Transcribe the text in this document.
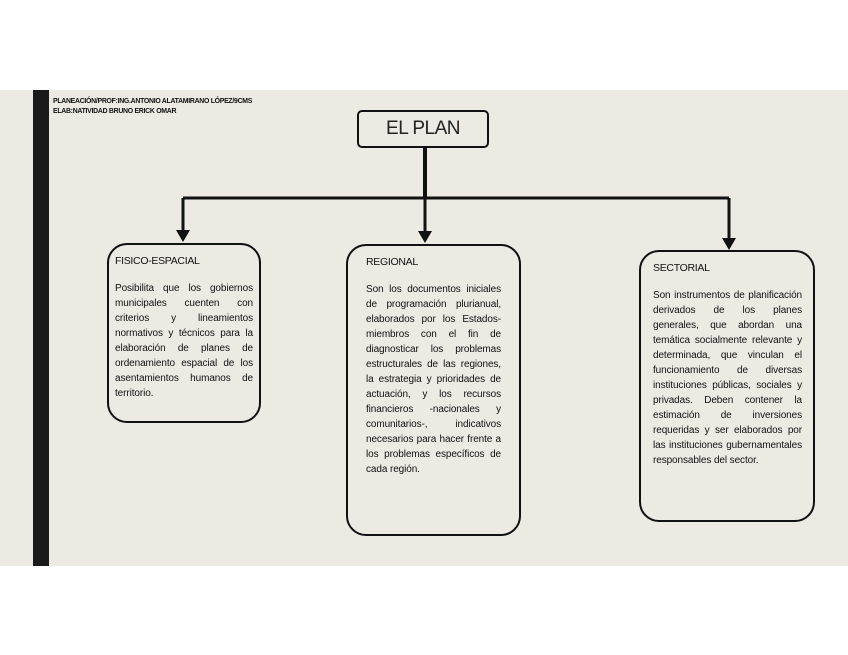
PLANEACIÓN/PROF:ING.ANTONIO ALATAMIRANO LÓPEZ/9CMS
ELAB:NATIVIDAD BRUNO ERICK OMAR
EL PLAN
FISICO-ESPACIAL
Posibilita que los gobiernos municipales cuenten con criterios y lineamientos normativos y técnicos para la elaboración de planes de ordenamiento espacial de los asentamientos humanos de territorio.
REGIONAL
Son los documentos iniciales de programación plurianual, elaborados por los Estados-miembros con el fin de diagnosticar los problemas estructurales de las regiones, la estrategia y prioridades de actuación, y los recursos financieros -nacionales y comunitarios-, indicativos necesarios para hacer frente a los problemas específicos de cada región.
SECTORIAL
Son instrumentos de planificación derivados de los planes generales, que abordan una temática socialmente relevante y determinada, que vinculan el funcionamiento de diversas instituciones públicas, sociales y privadas. Deben contener la estimación de inversiones requeridas y ser elaborados por las instituciones gubernamentales responsables del sector.
